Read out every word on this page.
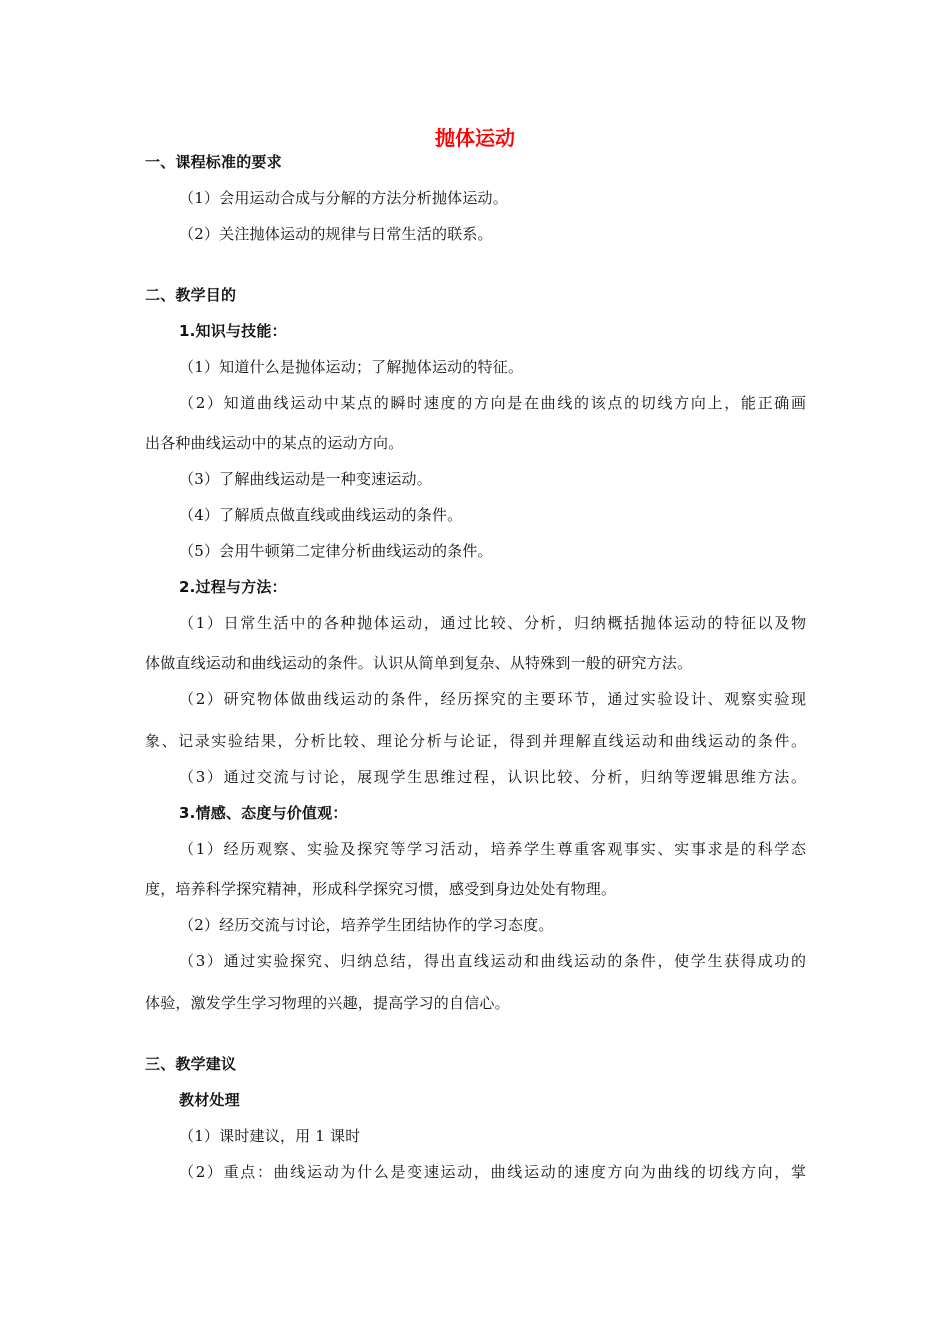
抛体运动
一、课程标准的要求
（1）会用运动合成与分解的方法分析抛体运动。
（2）关注抛体运动的规律与日常生活的联系。
二、教学目的
1.知识与技能：
（1）知道什么是抛体运动；了解抛体运动的特征。
（2）知道曲线运动中某点的瞬时速度的方向是在曲线的该点的切线方向上，能正确画
出各种曲线运动中的某点的运动方向。
（3）了解曲线运动是一种变速运动。
（4）了解质点做直线或曲线运动的条件。
（5）会用牛顿第二定律分析曲线运动的条件。
2.过程与方法：
（1）日常生活中的各种抛体运动，通过比较、分析，归纳概括抛体运动的特征以及物
体做直线运动和曲线运动的条件。认识从简单到复杂、从特殊到一般的研究方法。
（2）研究物体做曲线运动的条件，经历探究的主要环节，通过实验设计、观察实验现
象、记录实验结果，分析比较、理论分析与论证，得到并理解直线运动和曲线运动的条件。
（3）通过交流与讨论，展现学生思维过程，认识比较、分析，归纳等逻辑思维方法。
3.情感、态度与价值观：
（1）经历观察、实验及探究等学习活动，培养学生尊重客观事实、实事求是的科学态
度，培养科学探究精神，形成科学探究习惯，感受到身边处处有物理。
（2）经历交流与讨论，培养学生团结协作的学习态度。
（3）通过实验探究、归纳总结，得出直线运动和曲线运动的条件，使学生获得成功的
体验，激发学生学习物理的兴趣，提高学习的自信心。
三、教学建议
教材处理
（1）课时建议，用 1 课时
（2）重点：曲线运动为什么是变速运动，曲线运动的速度方向为曲线的切线方向，掌
